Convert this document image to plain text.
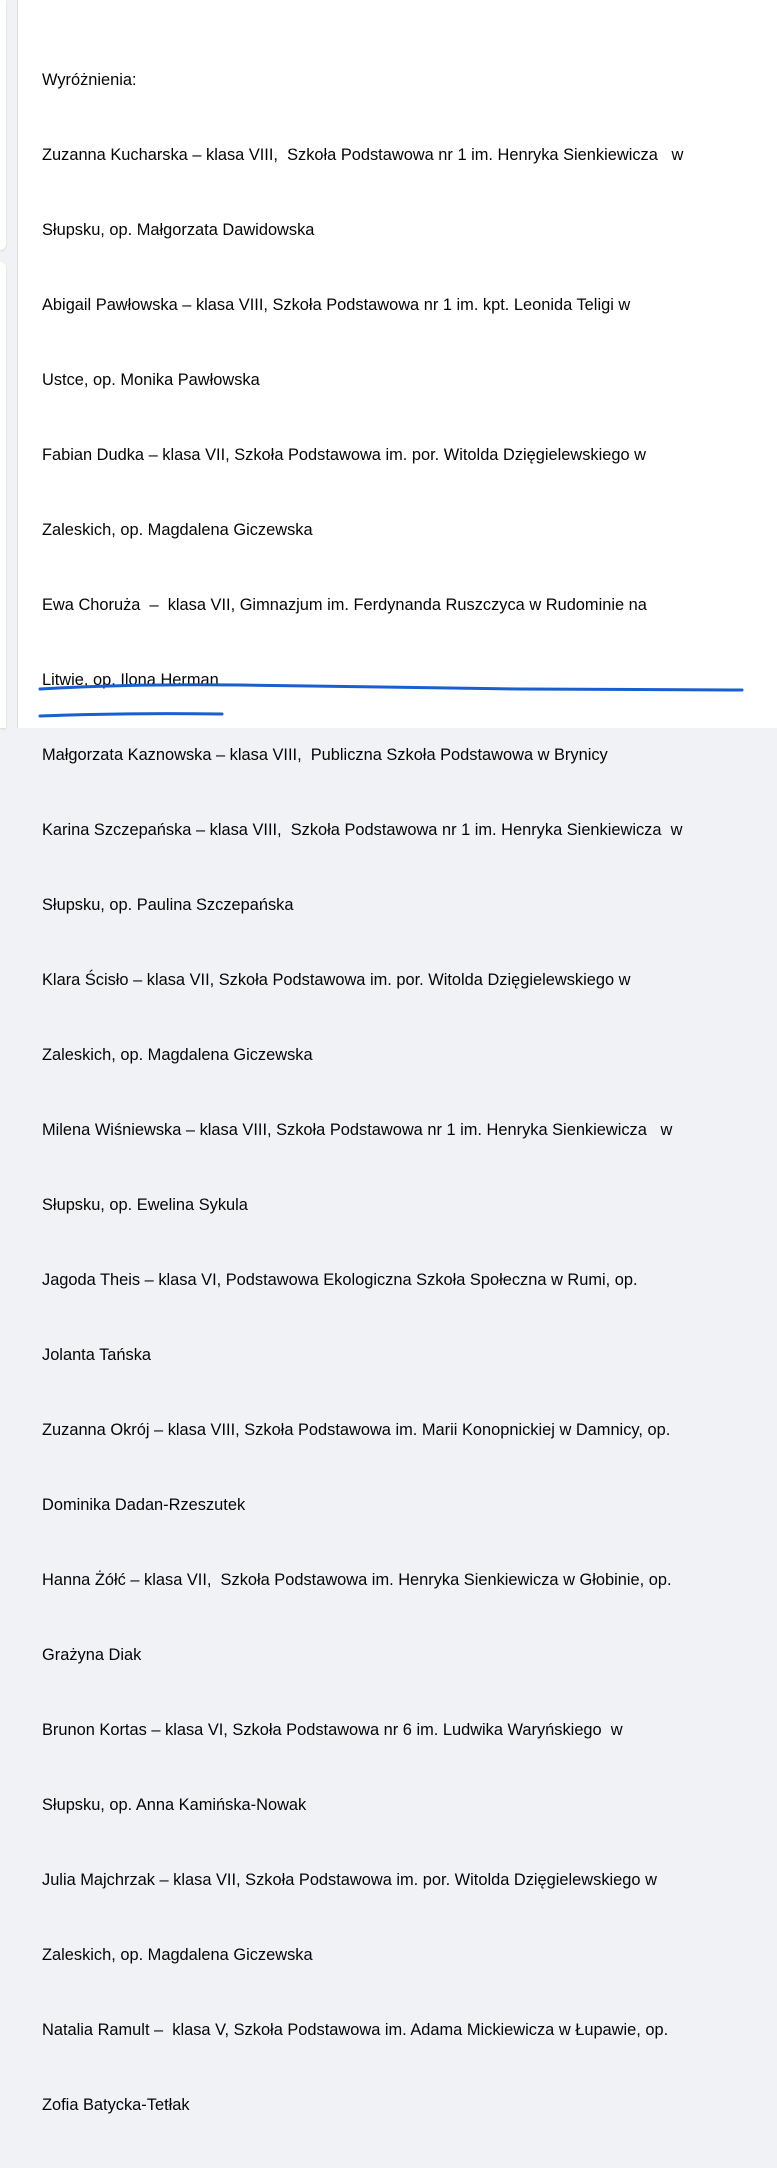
Wyróżnienia:

Zuzanna Kucharska – klasa VIII,  Szkoła Podstawowa nr 1 im. Henryka Sienkiewicza   w

Słupsku, op. Małgorzata Dawidowska

Abigail Pawłowska – klasa VIII, Szkoła Podstawowa nr 1 im. kpt. Leonida Teligi w

Ustce, op. Monika Pawłowska

Fabian Dudka – klasa VII, Szkoła Podstawowa im. por. Witolda Dzięgielewskiego w

Zaleskich, op. Magdalena Giczewska

Ewa Choruża  –  klasa VII, Gimnazjum im. Ferdynanda Ruszczyca w Rudominie na

Litwie, op. Ilona Herman

Małgorzata Kaznowska – klasa VIII,  Publiczna Szkoła Podstawowa w Brynicy

Karina Szczepańska – klasa VIII,  Szkoła Podstawowa nr 1 im. Henryka Sienkiewicza  w

Słupsku, op. Paulina Szczepańska

Klara Ścisło – klasa VII, Szkoła Podstawowa im. por. Witolda Dzięgielewskiego w

Zaleskich, op. Magdalena Giczewska

Milena Wiśniewska – klasa VIII, Szkoła Podstawowa nr 1 im. Henryka Sienkiewicza   w

Słupsku, op. Ewelina Sykula

Jagoda Theis – klasa VI, Podstawowa Ekologiczna Szkoła Społeczna w Rumi, op.

Jolanta Tańska

Zuzanna Okrój – klasa VIII, Szkoła Podstawowa im. Marii Konopnickiej w Damnicy, op.

Dominika Dadan-Rzeszutek

Hanna Żółć – klasa VII,  Szkoła Podstawowa im. Henryka Sienkiewicza w Głobinie, op.

Grażyna Diak

Brunon Kortas – klasa VI, Szkoła Podstawowa nr 6 im. Ludwika Waryńskiego  w

Słupsku, op. Anna Kamińska-Nowak

Julia Majchrzak – klasa VII, Szkoła Podstawowa im. por. Witolda Dzięgielewskiego w

Zaleskich, op. Magdalena Giczewska

Natalia Ramult –  klasa V, Szkoła Podstawowa im. Adama Mickiewicza w Łupawie, op.

Zofia Batycka-Tetłak
